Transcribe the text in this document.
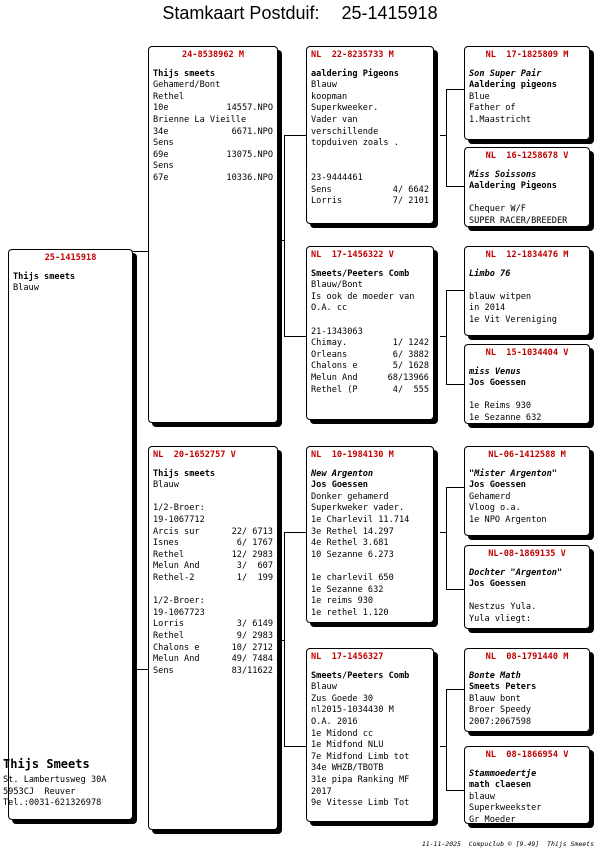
Stamkaart Postduif: 25-1415918
25-1415918
Thijs smeets
Blauw
24-8538962 M
Thijs smeets
Gehamerd/Bont
Rethel
10e	14557.NPO
Brienne La Vieille
34e	6671.NPO
Sens
69e	13075.NPO
Sens
67e	10336.NPO
NL  20-1652757 V
Thijs smeets
Blauw
1/2-Broer:
19-1067712
Arcis sur	22/ 6713
Isnes	6/ 1767
Rethel	12/ 2983
Melun And	3/  607
Rethel-2	1/  199
1/2-Broer:
19-1067723
Lorris	3/ 6149
Rethel	9/ 2983
Chalons e	10/ 2712
Melun And	49/ 7484
Sens	83/11622
NL  22-8235733 M
aaldering Pigeons
Blauw
koopman
Superkweeker.
Vader van
verschillende
topduiven zoals .
23-9444461
Sens	4/ 6642
Lorris	7/ 2101
NL  17-1456322 V
Smeets/Peeters Comb
Blauw/Bont
Is ook de moeder van
O.A. cc
21-1343063
Chimay.	1/ 1242
Orleans	6/ 3882
Chalons e	5/ 1628
Melun And	68/13966
Rethel (P	4/  555
NL  10-1984130 M
New Argenton
Jos Goessen
Donker gehamerd
Superkweker vader.
1e Charlevil 11.714
3e Rethel 14.297
4e Rethel 3.681
10 Sezanne 6.273
1e charlevil 650
1e Sezanne 632
1e reims 930
1e rethel 1.120
NL  17-1456327
Smeets/Peeters Comb
Blauw
Zus Goede 30
nl2015-1034430 M
O.A. 2016
1e Midond cc
1e Midfond NLU
7e Midfond Limb tot
34e WHZB/TBOTB
31e pipa Ranking MF
2017
9e Vitesse Limb Tot
NL  17-1825809 M
Son Super Pair
Aaldering pigeons
Blue
Father of
1.Maastricht
NL  16-1258678 V
Miss Soissons
Aaldering Pigeons
Chequer W/F
SUPER RACER/BREEDER
NL  12-1834476 M
Limbo 76
blauw witpen
in 2014
1e Vit Vereniging
NL  15-1034404 V
miss Venus
Jos Goessen
1e Reims 930
1e Sezanne 632
NL-06-1412588 M
"Mister Argenton"
Jos Goessen
Gehamerd
Vloog o.a.
1e NPO Argenton
NL-08-1869135 V
Dochter "Argenton"
Jos Goessen
Nestzus Yula.
Yula vliegt:
NL  08-1791440 M
Bonte Math
Smeets Peters
Blauw bont
Broer Speedy
2007:2067598
NL  08-1866954 V
Stammoedertje
math claesen
blauw
Superkweekster
Gr Moeder
Thijs Smeets
St. Lambertusweg 30A
5953CJ  Reuver
Tel.:0031-621326978
11-11-2025  Compuclub © [9.49]  Thijs Smeets
